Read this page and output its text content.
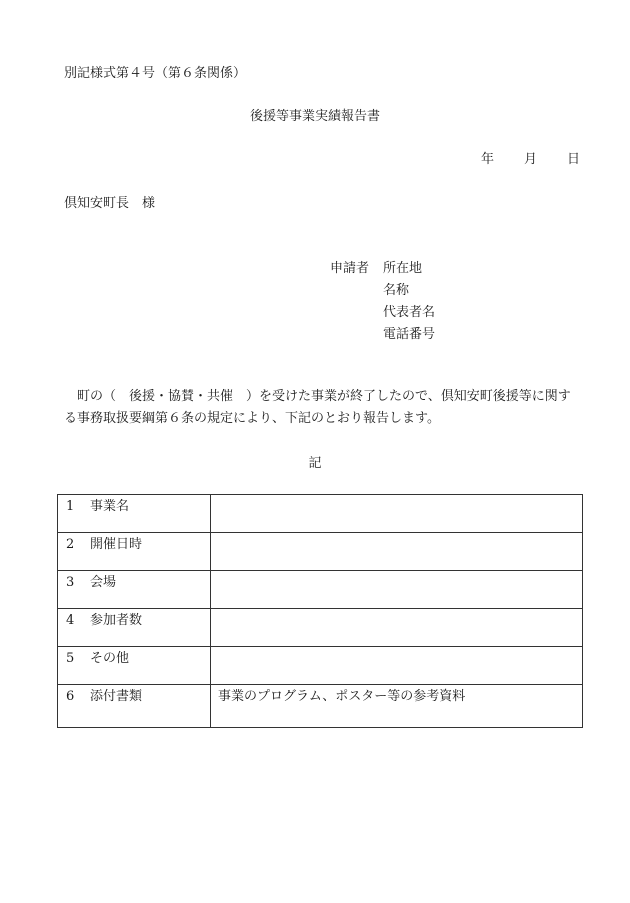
別記様式第４号（第６条関係）
後援等事業実績報告書
年 月 日
倶知安町長　様
申請者 所在地
名称
代表者名
電話番号
　町の（　後援・協賛・共催　）を受けた事業が終了したので、倶知安町後援等に関す
る事務取扱要綱第６条の規定により、下記のとおり報告します。
記
1 事業名	
2 開催日時	
3 会場	
4 参加者数	
5 その他	
6 添付書類	事業のプログラム、ポスター等の参考資料
